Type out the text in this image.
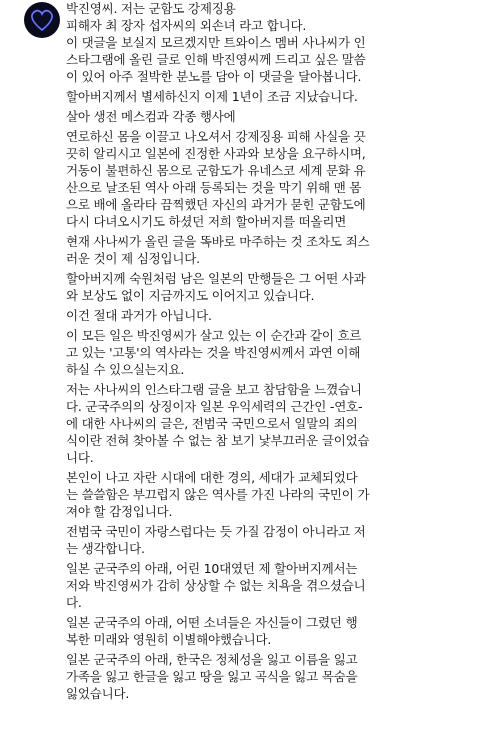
박진영씨. 저는 군함도 강제징용
피해자 최 장자 섭자씨의 외손녀 라고 합니다.
이 댓글을 보실지 모르겠지만 트와이스 멤버 사나씨가 인
스타그램에 올린 글로 인해 박진영씨께 드리고 싶은 말씀
이 있어 아주 절박한 분노를 담아 이 댓글을 달아봅니다.
할아버지께서 별세하신지 이제 1년이 조금 지났습니다.
살아 생전 메스컴과 각종 행사에
연로하신 몸을 이끌고 나오셔서 강제징용 피해 사실을 끗
끗히 알리시고 일본에 진정한 사과와 보상을 요구하시며,
거동이 불편하신 몸으로 군함도가 유네스코 세계 문화 유
산으로 날조된 역사 아래 등록되는 것을 막기 위해 맨 몸
으로 배에 올라타 끔찍했던 자신의 과거가 묻힌 군함도에
다시 다녀오시기도 하셨던 저희 할아버지를 떠올리면
현재 사나씨가 올린 글을 똑바로 마주하는 것 조차도 죄스
러운 것이 제 심정입니다.
할아버지께 숙원처럼 남은 일본의 만행들은 그 어떤 사과
와 보상도 없이 지금까지도 이어지고 있습니다.
이건 절대 과거가 아닙니다.
이 모든 일은 박진영씨가 살고 있는 이 순간과 같이 흐르
고 있는 '고통'의 역사라는 것을 박진영씨께서 과연 이해
하실 수 있으실는지요.
저는 사나씨의 인스타그램 글을 보고 참담함을 느꼈습니
다. 군국주의의 상징이자 일본 우익세력의 근간인 -연호-
에 대한 사나씨의 글은, 전범국 국민으로서 일말의 죄의
식이란 전혀 찾아볼 수 없는 참 보기 낯부끄러운 글이었습
니다.
본인이 나고 자란 시대에 대한 경의, 세대가 교체되었다
는 쓸쓸함은 부끄럽지 않은 역사를 가진 나라의 국민이 가
져야 할 감정입니다.
전범국 국민이 자랑스럽다는 듯 가질 감정이 아니라고 저
는 생각합니다.
일본 군국주의 아래, 어린 10대였던 제 할아버지께서는
저와 박진영씨가 감히 상상할 수 없는 치욕을 겪으셨습니
다.
일본 군국주의 아래, 어떤 소녀들은 자신들이 그렸던 행
복한 미래와 영원히 이별해야했습니다.
일본 군국주의 아래, 한국은 정체성을 잃고 이름을 잃고
가족을 잃고 한글을 잃고 땅을 잃고 곡식을 잃고 목숨을
잃었습니다.
